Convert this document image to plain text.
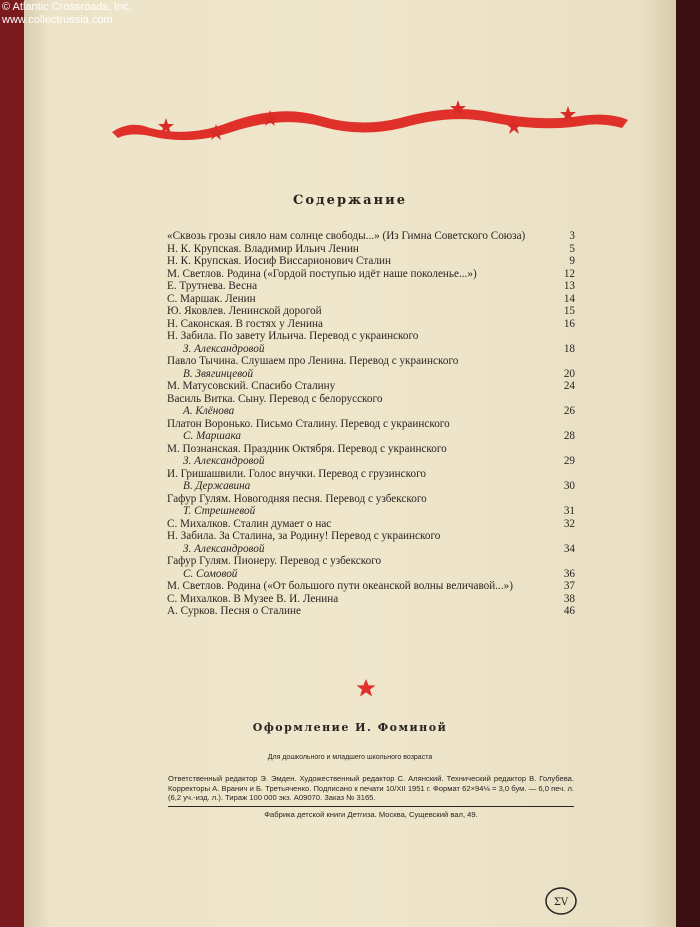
© Atlantic Crossroads, Inc.
www.collectrussia.com
Содержание
«Сквозь грозы сияло нам солнце свободы...» (Из Гимна Советского Союза)	3
Н. К. Крупская. Владимир Ильич Ленин	5
Н. К. Крупская. Иосиф Виссарионович Сталин	9
М. Светлов. Родина («Гордой поступью идёт наше поколенье...»)	12
Е. Трутнева. Весна	13
С. Маршак. Ленин	14
Ю. Яковлев. Ленинской дорогой	15
Н. Саконская. В гостях у Ленина	16
Н. Забила. По завету Ильича. Перевод с украинского
З. Александровой	18
Павло Тычина. Слушаем про Ленина. Перевод с украинского
В. Звягинцевой	20
М. Матусовский. Спасибо Сталину	24
Василь Витка. Сыну. Перевод с белорусского
А. Клёнова	26
Платон Воронько. Письмо Сталину. Перевод с украинского
С. Маршака	28
М. Познанская. Праздник Октября. Перевод с украинского
З. Александровой	29
И. Гришашвили. Голос внучки. Перевод с грузинского
В. Державина	30
Гафур Гулям. Новогодняя песня. Перевод с узбекского
Т. Стрешневой	31
С. Михалков. Сталин думает о нас	32
Н. Забила. За Сталина, за Родину! Перевод с украинского
З. Александровой	34
Гафур Гулям. Пионеру. Перевод с узбекского
С. Сомовой	36
М. Светлов. Родина («От большого пути океанской волны величавой...»)	37
С. Михалков. В Музее В. И. Ленина	38
А. Сурков. Песня о Сталине	46
Оформление И. Фоминой
Для дошкольного и младшего школьного возраста
Ответственный редактор Э. Эмден. Художественный редактор С. Алянский. Технический редактор В. Голубева. Корректоры А. Вранич и Б. Третьяченко. Подписано к печати 10/XII 1951 г. Формат 62×94⅛ = 3,0 бум. — 6,0 печ. л. (6,2 уч.-изд. л.). Тираж 100 000 экз. А09070. Заказ № 3165.
Фабрика детской книги Детгиза. Москва, Сущевский вал, 49.
ΣV
